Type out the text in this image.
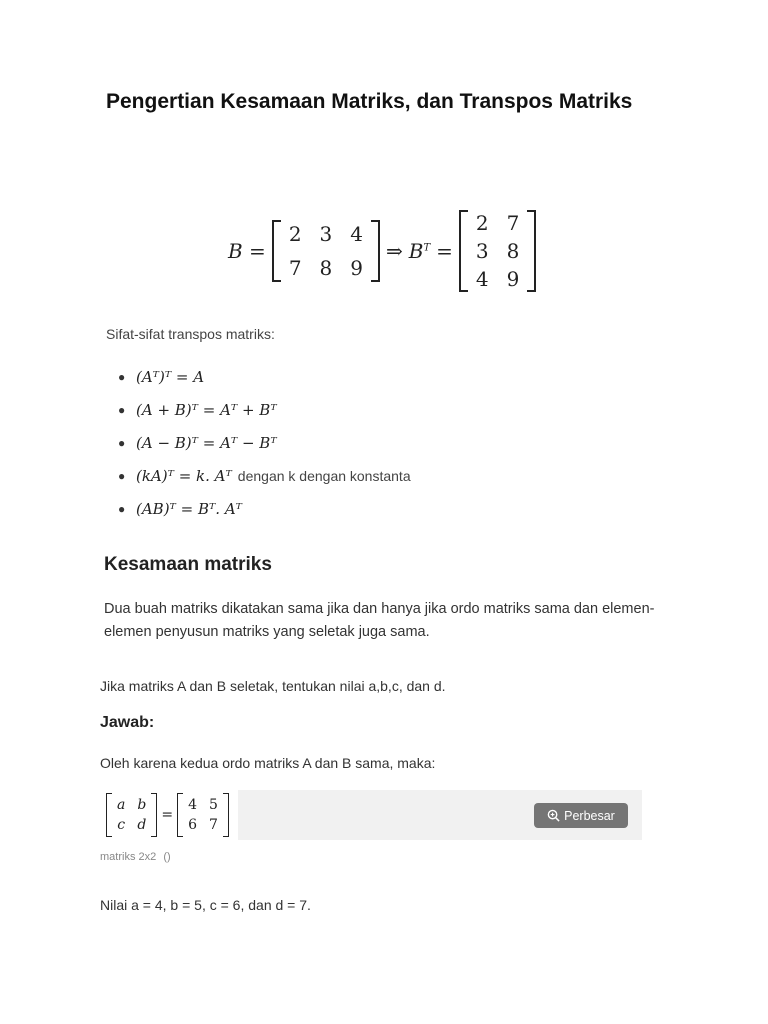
Pengertian Kesamaan Matriks, dan Transpos Matriks
B =
2 3 4
7 8 9
⇒ $B^T$ =
2 7
3 8
4 9
Sifat-sifat transpos matriks:
● (Aᵀ)ᵀ = A
● (A + B)ᵀ = Aᵀ + Bᵀ
● (A − B)ᵀ = Aᵀ − Bᵀ
● (kA)ᵀ = k. Aᵀ dengan k dengan konstanta
● (AB)ᵀ = Bᵀ. Aᵀ
Kesamaan matriks
Dua buah matriks dikatakan sama jika dan hanya jika ordo matriks sama dan elemen-elemen penyusun matriks yang seletak juga sama.
Jika matriks A dan B seletak, tentukan nilai a,b,c, dan d.
Jawab:
Oleh karena kedua ordo matriks A dan B sama, maka:
a b
c d
=
4 5
6 7
Perbesar
matriks 2x2 ()
Nilai a = 4, b = 5, c = 6, dan d = 7.
